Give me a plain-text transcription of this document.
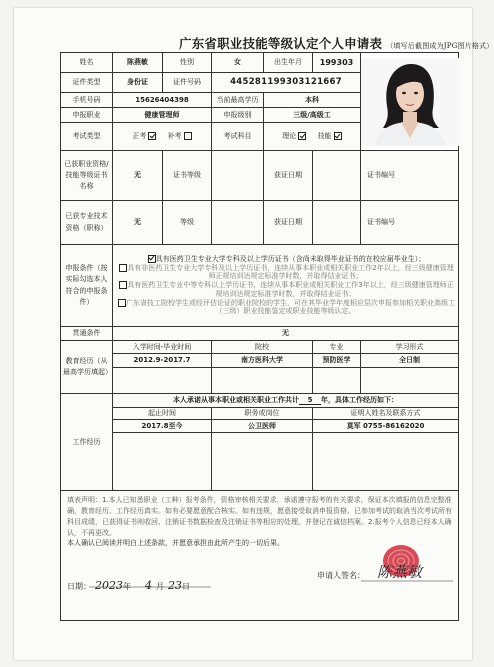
广东省职业技能等级认定个人申请表 （填写后截图成为JPG图片格式）
姓名	陈燕敏	性别	女	出生年月	199303	

证件类型	身份证	证件号码	445281199303121667			
手机号码	15626404398		当前最高学历	本科		
申报职业	健康管理师		申报级别	三级/高级工		
考试类型	正考 补考		考试科目	理论 技能		
已获职业资格/技能等级证书名称	无	证书等级		获证日期		证书编号
已获专业技术资格（职称）	无	等级		获证日期		证书编号
申报条件（按实际勾选本人符合的申报条件）	具有医药卫生专业大学专科及以上学历证书（含尚未取得毕业证书的在校应届毕业生）；
具有非医药卫生专业大学专科及以上学历证书，连续从事本职业或相关职业工作2年以上，经三级健康管理师正规培训达规定标准学时数，并取得结业证书；
具有医药卫生专业中等专科以上学历证书，连续从事本职业或相关职业工作3年以上，经三级健康管理师正规培训达规定标准学时数，并取得结业证书；
广东省技工院校学生或经评估论证的职业院校的学生，可在其毕业学年度相应层次申报参加相关职业高级工（三级）职业技能鉴定或职业技能等级认定。					

贯通条件	无					
教育经历（从最高学历填起）	入学时间-毕业时间		院校		专业	学习形式
	2012.9-2017.7		南方医科大学		预防医学	全日制

工作经历	本人承诺从事本职业或相关职业工作共计 5 年，具体工作经历如下：					
	起止时间		职务或岗位		证明人姓名及联系方式	
	2017.8至今		公卫医师		莫军 0755-86162020	

填表声明：1.本人已知悉职业（工种）报考条件，资格审核相关要求，承诺遵守报考的有关要求，保证本次填报的信息完整准确，教育经历、工作经历真实。如有必要愿意配合核实。如有违规，愿意接受取消申报资格、已参加考试的取消当次考试所有科目成绩，已获得证书则收回、注销证书数据检查及注销证书等相应的处理，并登记在诚信档案。2.报考个人信息已经本人确认，不再更改。
本人确认已阅读并明白上述条款，并愿意承担由此所产生的一切后果。
申请人签名： 陈燕敏
日期： 2023年 4 月 23日						
